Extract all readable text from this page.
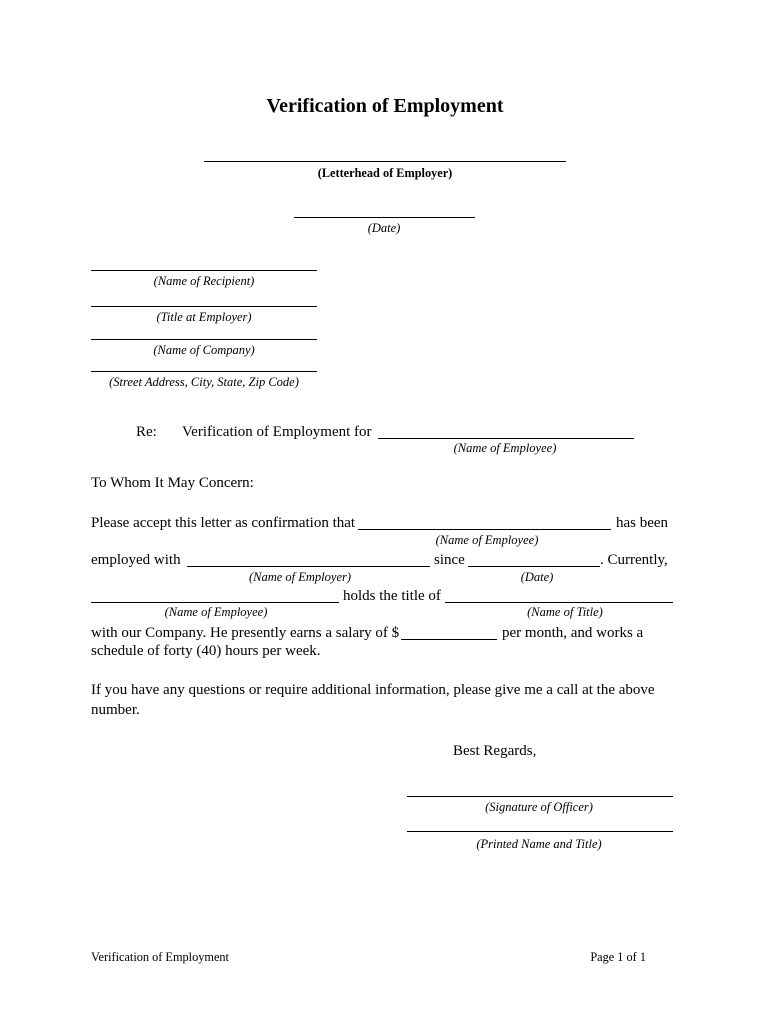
Verification of Employment
(Letterhead of Employer)
(Date)
(Name of Recipient)
(Title at Employer)
(Name of Company)
(Street Address, City, State, Zip Code)
Re: Verification of Employment for
(Name of Employee)
To Whom It May Concern:
Please accept this letter as confirmation that	has been
(Name of Employee)
employed with	since	. Currently,
(Name of Employer)	(Date)
holds the title of
(Name of Employee)	(Name of Title)
with our Company. He presently earns a salary of $	per month, and works a
schedule of forty (40) hours per week.
If you have any questions or require additional information, please give me a call at the above
number.
Best Regards,
(Signature of Officer)
(Printed Name and Title)
Verification of Employment	Page 1 of 1
